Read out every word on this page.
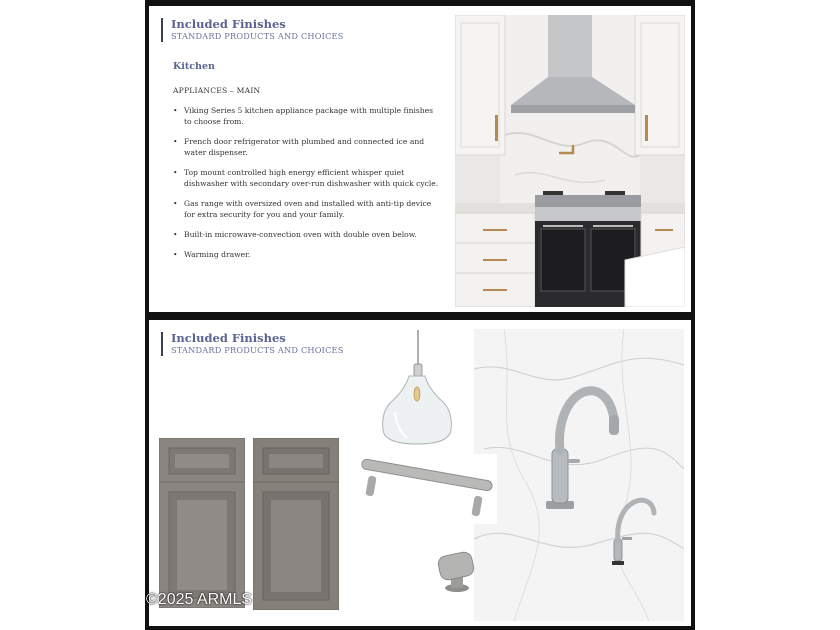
Included Finishes
STANDARD PRODUCTS AND CHOICES
Kitchen
APPLIANCES – MAIN
• Viking Series 5 kitchen appliance package with multiple finishes to choose from.
• French door refrigerator with plumbed and connected ice and water dispenser.
• Top mount controlled high energy efficient whisper quiet dishwasher with secondary over-run dishwasher with quick cycle.
• Gas range with oversized oven and installed with anti-tip device for extra security for you and your family.
• Built-in microwave-convection oven with double oven below.
• Warming drawer.
Included Finishes
STANDARD PRODUCTS AND CHOICES
©2025 ARMLS
